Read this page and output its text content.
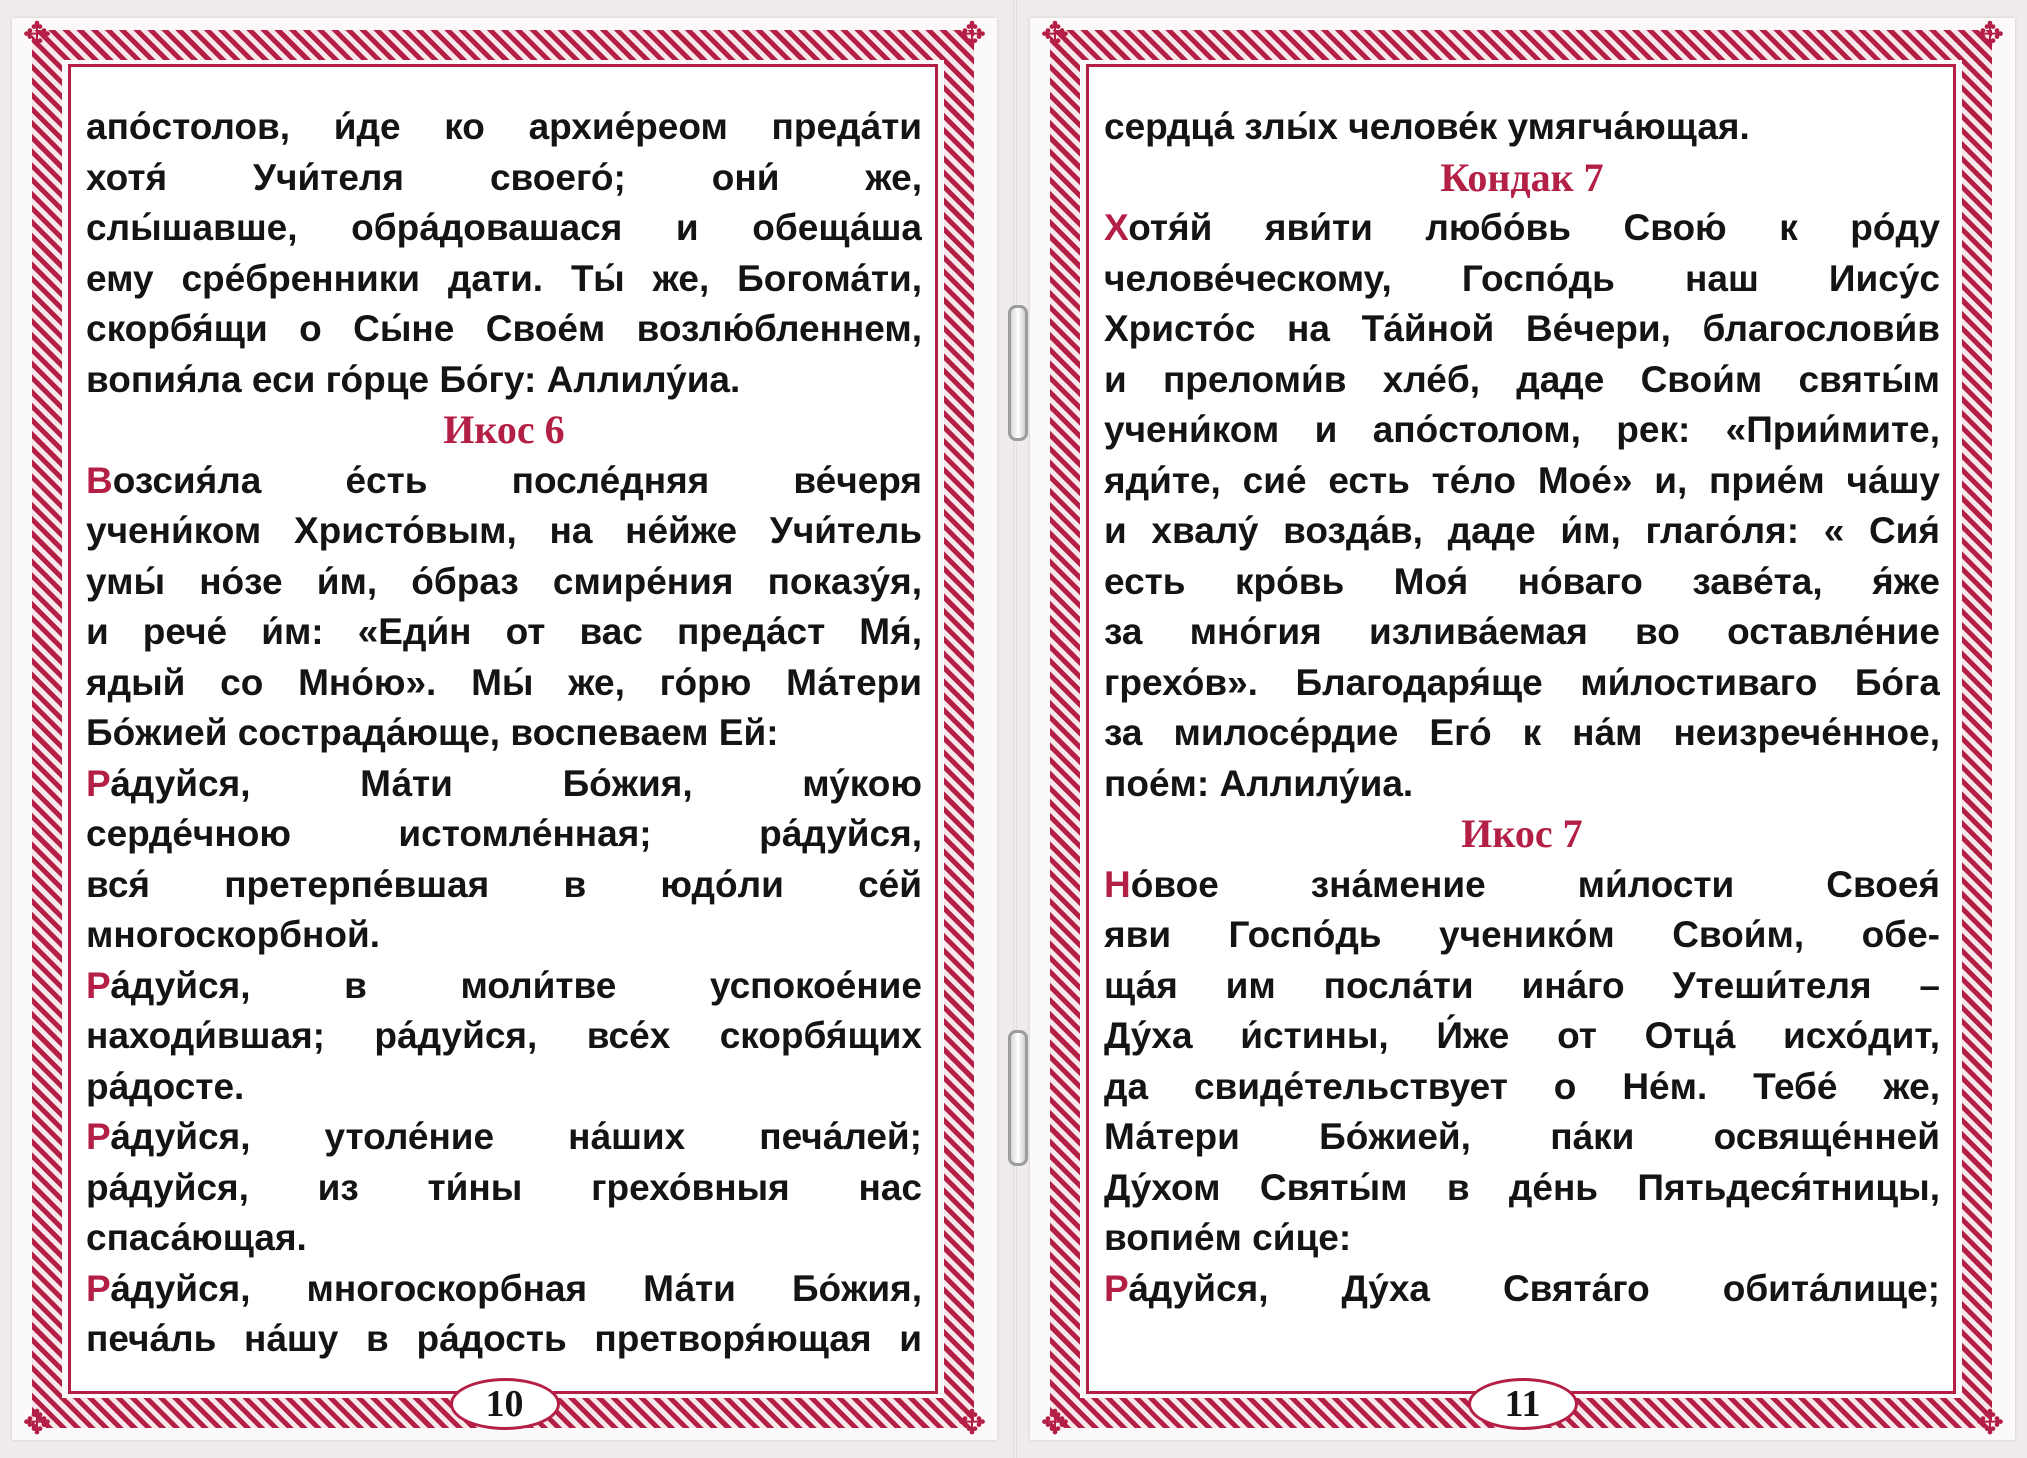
✥	✥
✥	✥
апо́столов, и́де ко архие́реом преда́ти
хотя́ Учи́теля своего́; они́ же,
слы́шавше, обра́довашася и обеща́ша
ему сре́бренники дати. Ты́ же, Богома́ти,
скорбя́щи о Сы́не Свое́м возлю́бленнем,
вопия́ла еси го́рце Бо́гу: Аллилу́иа.
Икос 6
Возсия́ла е́сть после́дняя ве́черя
учени́ком Христо́вым, на не́йже Учи́тель
умы́ но́зе и́м, о́браз смире́ния показу́я,
и рече́ и́м: «Еди́н от вас преда́ст Мя́,
ядый со Мно́ю». Мы́ же, го́рю Ма́тери
Бо́жией сострада́юще, воспеваем Ей:
Ра́дуйся, Ма́ти Бо́жия, му́кою
серде́чною истомле́нная; ра́дуйся,
вся́ претерпе́вшая в юдо́ли се́й
многоскорбной.
Ра́дуйся, в моли́тве успокое́ние
находи́вшая; ра́дуйся, все́х скорбя́щих
ра́досте.
Ра́дуйся, утоле́ние на́ших печа́лей;
ра́дуйся, из ти́ны грехо́вныя нас
спаса́ющая.
Ра́дуйся, многоскорбная Ма́ти Бо́жия,
печа́ль на́шу в ра́дость претворя́ющая и
10
✥	✥
✥	✥
сердца́ злы́х челове́к умягча́ющая.
Кондак 7
Хотя́й яви́ти любо́вь Свою́ к ро́ду
челове́ческому, Госпо́дь наш Иису́с
Христо́с на Та́йной Ве́чери, благослови́в
и преломи́в хле́б, даде Свои́м святы́м
учени́ком и апо́столом, рек: «Прии́мите,
яди́те, сие́ есть те́ло Мое́» и, прие́м ча́шу
и хвалу́ возда́в, даде и́м, глаго́ля: « Сия́
есть кро́вь Моя́ но́ваго заве́та, я́же
за мно́гия излива́емая во оставле́ние
грехо́в». Благодаря́ще ми́лостиваго Бо́га
за милосе́рдие Его́ к на́м неизрече́нное,
пое́м: Аллилу́иа.
Икос 7
Но́вое зна́мение ми́лости Своея́
яви Госпо́дь ученико́м Свои́м, обе-
ща́я им посла́ти ина́го Утеши́теля –
Ду́ха и́стины, И́же от Отца́ исхо́дит,
да свиде́тельствует о Не́м. Тебе́ же,
Ма́тери Бо́жией, па́ки освяще́нней
Ду́хом Святы́м в де́нь Пятьдеся́тницы,
вопие́м си́це:
Ра́дуйся, Ду́ха Свята́го обита́лище;
11
